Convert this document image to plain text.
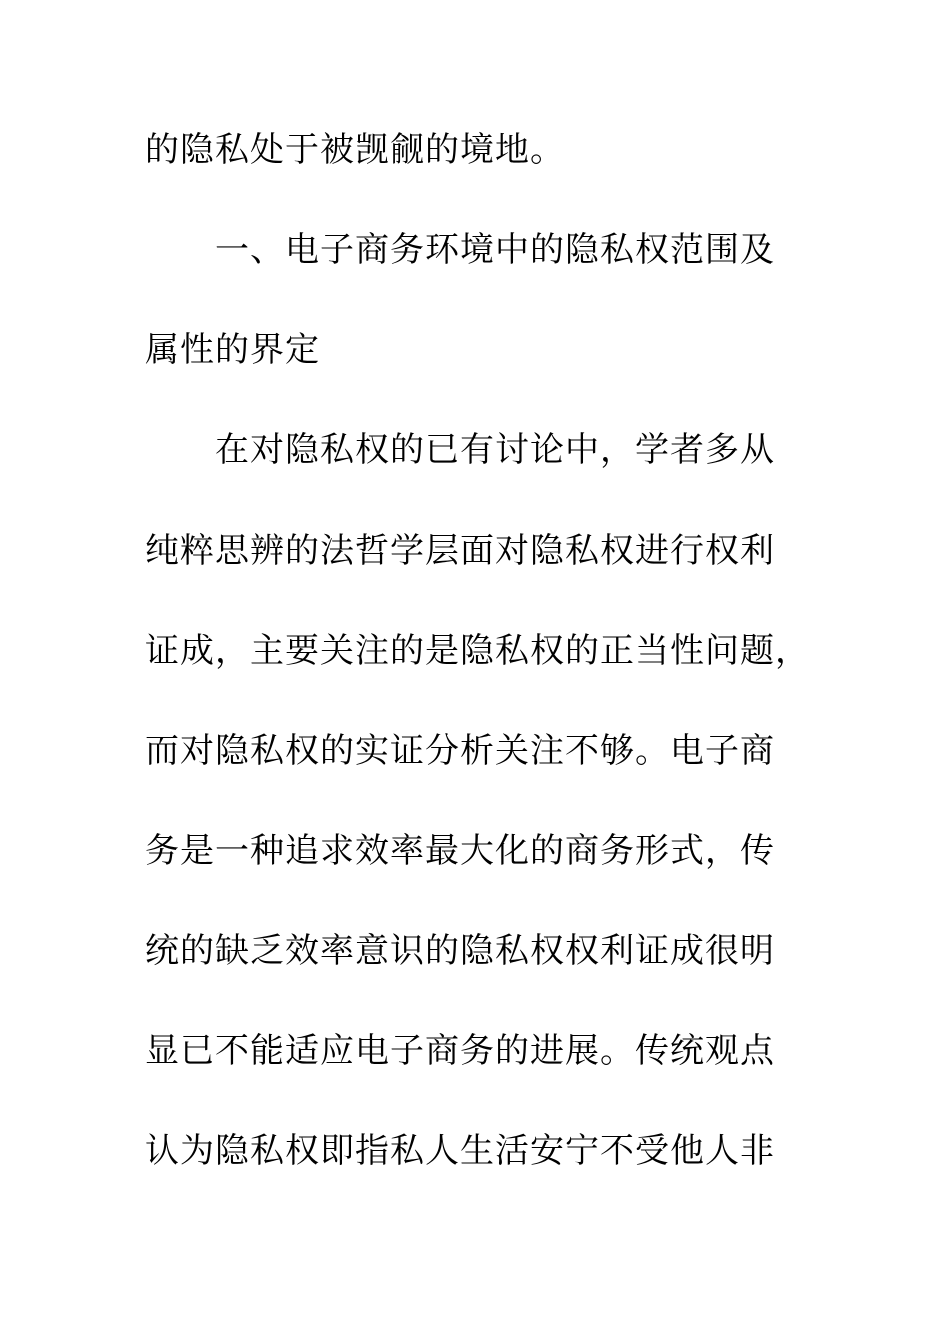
的隐私处于被觊觎的境地。
一、电子商务环境中的隐私权范围及
属性的界定
在对隐私权的已有讨论中，学者多从
纯粹思辨的法哲学层面对隐私权进行权利
证成，主要关注的是隐私权的正当性问题，
而对隐私权的实证分析关注不够。电子商
务是一种追求效率最大化的商务形式，传
统的缺乏效率意识的隐私权权利证成很明
显已不能适应电子商务的进展。传统观点
认为隐私权即指私人生活安宁不受他人非
